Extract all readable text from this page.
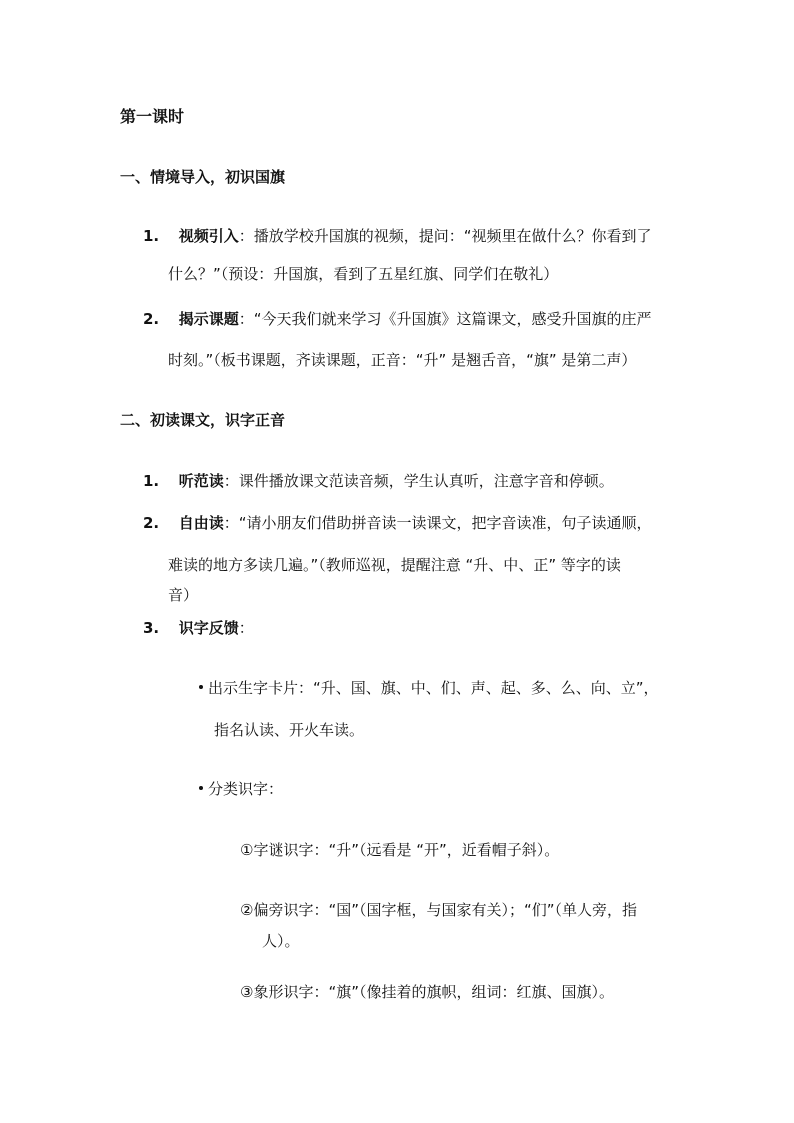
第一课时
一、情境导入，初识国旗
1. 视频引入：播放学校升国旗的视频，提问：“视频里在做什么？你看到了
什么？”（预设：升国旗，看到了五星红旗、同学们在敬礼）
2. 揭示课题：“今天我们就来学习《升国旗》这篇课文，感受升国旗的庄严
时刻。”（板书课题，齐读课题，正音：“升” 是翘舌音，“旗” 是第二声）
二、初读课文，识字正音
1. 听范读：课件播放课文范读音频，学生认真听，注意字音和停顿。
2. 自由读：“请小朋友们借助拼音读一读课文，把字音读准，句子读通顺，
难读的地方多读几遍。”（教师巡视，提醒注意 “升、中、正” 等字的读
音）
3. 识字反馈：
出示生字卡片：“升、国、旗、中、们、声、起、多、么、向、立”，
指名认读、开火车读。
分类识字：
①字谜识字：“升”（远看是 “开”，近看帽子斜）。
②偏旁识字：“国”（国字框，与国家有关）；“们”（单人旁，指
人）。
③象形识字：“旗”（像挂着的旗帜，组词：红旗、国旗）。
